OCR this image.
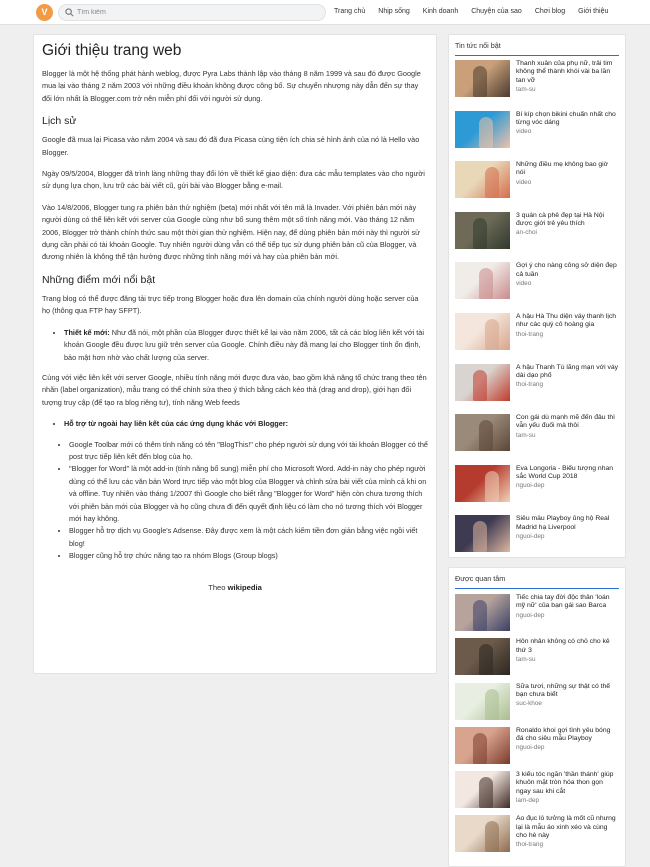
V
Tìm kiếm	Trang chủ Nhịp sống Kinh doanh Chuyện của sao Chơi blog Giới thiệu
Giới thiệu trang web

Blogger là một hệ thống phát hành weblog, được Pyra Labs thành lập vào tháng 8 năm 1999 và sau đó được Google mua lại vào tháng 2 năm 2003 với những điều khoản không được công bố. Sự chuyển nhượng này dẫn đến sự thay đổi lớn nhất là Blogger.com trở nên miễn phí đối với người sử dụng.

Lịch sử

Google đã mua lại Picasa vào năm 2004 và sau đó đã đưa Picasa cùng tiện ích chia sẻ hình ảnh của nó là Hello vào Blogger.

Ngày 09/5/2004, Blogger đã trình làng những thay đổi lớn về thiết kế giao diện: đưa các mẫu templates vào cho người sử dụng lựa chọn, lưu trữ các bài viết cũ, gửi bài vào Blogger bằng e-mail.

Vào 14/8/2006, Blogger tung ra phiên bản thử nghiệm (beta) mới nhất với tên mã là Invader. Với phiên bản mới này người dùng có thể liên kết với server của Google cùng như bổ sung thêm một số tính năng mới. Vào tháng 12 năm 2006, Blogger trở thành chính thức sau một thời gian thử nghiệm. Hiện nay, để dùng phiên bản mới này thì người sử dụng cần phải có tài khoản Google. Tuy nhiên người dùng vẫn có thể tiếp tục sử dụng phiên bản cũ của Blogger, và đương nhiên là không thể tận hưởng được những tính năng mới và hay của phiên bản mới.

Những điểm mới nổi bật

Trang blog có thể được đăng tải trực tiếp trong Blogger hoặc đưa lên domain của chính người dùng hoặc server của họ (thông qua FTP hay SFPT).

• Thiết kế mới: Như đã nói, một phần của Blogger được thiết kế lại vào năm 2006, tất cả các blog liên kết với tài khoản Google đều được lưu giữ trên server của Google. Chính điều này đã mang lại cho Blogger tính ổn định, bảo mật hơn nhờ vào chất lượng của server.

Cùng với việc liên kết với server Google, nhiều tính năng mới được đưa vào, bao gồm khả năng tổ chức trang theo tên nhãn (label organization), mẫu trang có thể chỉnh sửa theo ý thích bằng cách kéo thả (drag and drop), giới hạn đối tượng truy cập (để tạo ra blog riêng tư), tính năng Web feeds

• Hỗ trợ từ ngoài hay liên kết của các ứng dụng khác với Blogger:
• Google Toolbar mới có thêm tính năng có tên "BlogThis!" cho phép người sử dụng với tài khoản Blogger có thể post trực tiếp liên kết đến blog của họ.
• "Blogger for Word" là một add-in (tính năng bổ sung) miễn phí cho Microsoft Word. Add-in này cho phép người dùng có thể lưu các văn bản Word trực tiếp vào một blog của Blogger và chỉnh sửa bài viết của mình cả khi on và offline. Tuy nhiên vào tháng 1/2007 thì Google cho biết rằng "Blogger for Word" hiện còn chưa tương thích với phiên bản mới của Blogger và họ cũng chưa đi đến quyết định liệu có làm cho nó tương thích với Blogger mới hay không.
• Blogger hỗ trợ dịch vụ Google's Adsense. Đây được xem là một cách kiếm tiền đơn giản bằng việc ngồi viết blog!
• Blogger cũng hỗ trợ chức năng tạo ra nhóm Blogs (Group blogs)
Theo wikipedia
Tin tức nổi bật
Thanh xuân của phụ nữ, trải tim không thể thành khói vài ba lần tan vỡ
tam-su
Bí kíp chọn bikini chuẩn nhất cho từng vóc dáng
video
Những điều mẹ không bao giờ nói
video
3 quán cà phê đẹp tại Hà Nội được giới trẻ yêu thích
an-choi
Gợi ý cho nàng công sở diện đẹp cả tuần
video
Á hậu Hà Thu diện váy thanh lịch như các quý cô hoàng gia
thoi-trang
Á hậu Thanh Tú lăng mạn với váy dài dạo phố
thoi-trang
Con gái dù mạnh mẽ đến đâu thì vẫn yếu đuối mà thôi
tam-su
Eva Longoria - Biểu tượng nhan sắc World Cup 2018
nguoi-dep
Siêu mẫu Playboy ủng hộ Real Madrid hạ Liverpool
nguoi-dep
Được quan tâm
Tiếc chia tay đời độc thân 'loán mỹ nữ' của bạn gái sao Barca
nguoi-dep
Hôn nhân không có chỗ cho kẻ thứ 3
tam-su
Sữa tươi, những sự thật có thể bạn chưa biết
suc-khoe
Ronaldo khoi gợi tình yêu bóng đá cho siêu mẫu Playboy
nguoi-dep
3 kiểu tóc ngắn 'thần thánh' giúp khuôn mặt tròn hóa thon gọn ngay sau khi cắt
lam-dep
Áo đục lỗ tưởng là mốt cũ nhưng lại là mẫu áo xinh xéo và cùng cho hè này
thoi-trang
